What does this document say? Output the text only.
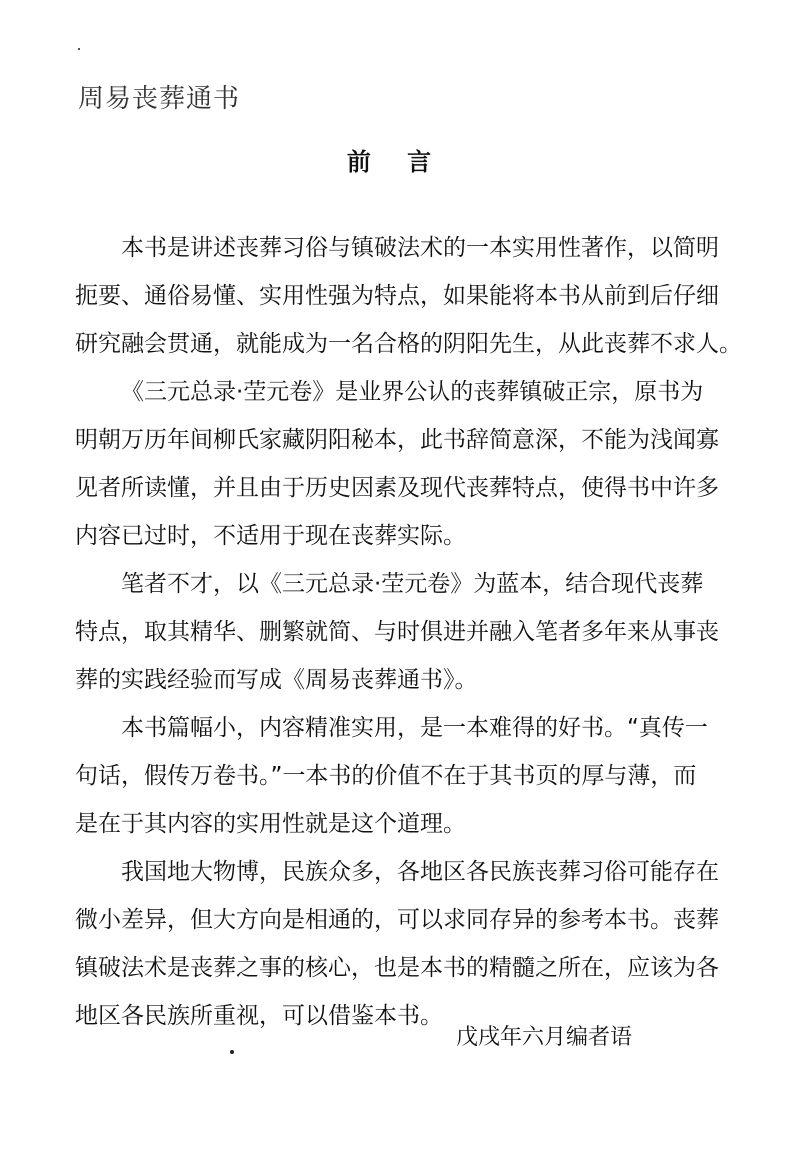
周易丧葬通书
前 言
本书是讲述丧葬习俗与镇破法术的一本实用性著作，以简明
扼要、通俗易懂、实用性强为特点，如果能将本书从前到后仔细
研究融会贯通，就能成为一名合格的阴阳先生，从此丧葬不求人。
《三元总录·茔元卷》是业界公认的丧葬镇破正宗，原书为
明朝万历年间柳氏家藏阴阳秘本，此书辞简意深，不能为浅闻寡
见者所读懂，并且由于历史因素及现代丧葬特点，使得书中许多
内容已过时，不适用于现在丧葬实际。
笔者不才，以《三元总录·茔元卷》为蓝本，结合现代丧葬
特点，取其精华、删繁就简、与时俱进并融入笔者多年来从事丧
葬的实践经验而写成《周易丧葬通书》。
本书篇幅小，内容精准实用，是一本难得的好书。“真传一
句话，假传万卷书。”一本书的价值不在于其书页的厚与薄，而
是在于其内容的实用性就是这个道理。
我国地大物博，民族众多，各地区各民族丧葬习俗可能存在
微小差异，但大方向是相通的，可以求同存异的参考本书。丧葬
镇破法术是丧葬之事的核心，也是本书的精髓之所在，应该为各
地区各民族所重视，可以借鉴本书。
戊戌年六月编者语
